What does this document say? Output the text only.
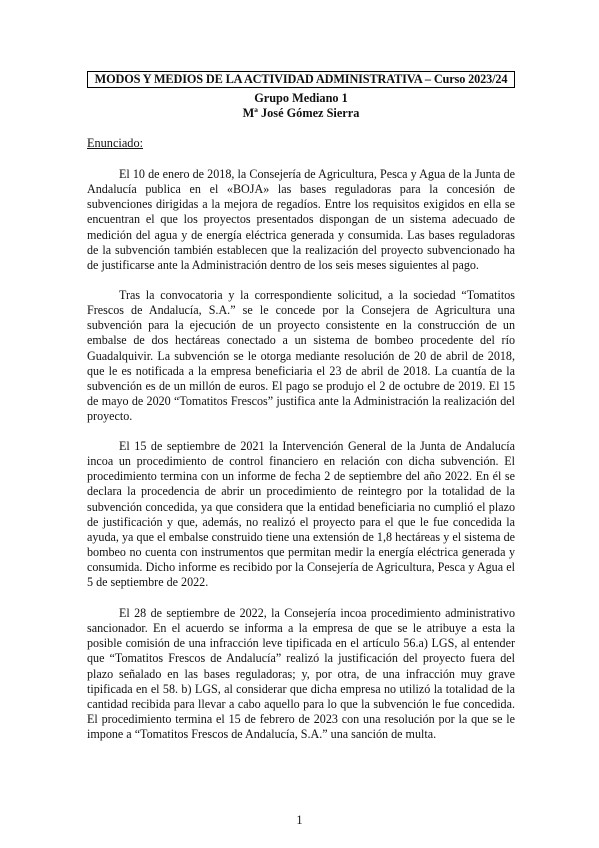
MODOS Y MEDIOS DE LA ACTIVIDAD ADMINISTRATIVA – Curso 2023/24
Grupo Mediano 1
Mª José Gómez Sierra
Enunciado:
El 10 de enero de 2018, la Consejería de Agricultura, Pesca y Agua de la Junta de Andalucía publica en el «BOJA» las bases reguladoras para la concesión de subvenciones dirigidas a la mejora de regadíos. Entre los requisitos exigidos en ella se encuentran el que los proyectos presentados dispongan de un sistema adecuado de medición del agua y de energía eléctrica generada y consumida. Las bases reguladoras de la subvención también establecen que la realización del proyecto subvencionado ha de justificarse ante la Administración dentro de los seis meses siguientes al pago.
Tras la convocatoria y la correspondiente solicitud, a la sociedad “Tomatitos Frescos de Andalucía, S.A.” se le concede por la Consejera de Agricultura una subvención para la ejecución de un proyecto consistente en la construcción de un embalse de dos hectáreas conectado a un sistema de bombeo procedente del río Guadalquivir. La subvención se le otorga mediante resolución de 20 de abril de 2018, que le es notificada a la empresa beneficiaria el 23 de abril de 2018. La cuantía de la subvención es de un millón de euros. El pago se produjo el 2 de octubre de 2019. El 15 de mayo de 2020 “Tomatitos Frescos” justifica ante la Administración la realización del proyecto.
El 15 de septiembre de 2021 la Intervención General de la Junta de Andalucía incoa un procedimiento de control financiero en relación con dicha subvención. El procedimiento termina con un informe de fecha 2 de septiembre del año 2022. En él se declara la procedencia de abrir un procedimiento de reintegro por la totalidad de la subvención concedida, ya que considera que la entidad beneficiaria no cumplió el plazo de justificación y que, además, no realizó el proyecto para el que le fue concedida la ayuda, ya que el embalse construido tiene una extensión de 1,8 hectáreas y el sistema de bombeo no cuenta con instrumentos que permitan medir la energía eléctrica generada y consumida. Dicho informe es recibido por la Consejería de Agricultura, Pesca y Agua el 5 de septiembre de 2022.
El 28 de septiembre de 2022, la Consejería incoa procedimiento administrativo sancionador. En el acuerdo se informa a la empresa de que se le atribuye a esta la posible comisión de una infracción leve tipificada en el artículo 56.a) LGS, al entender que “Tomatitos Frescos de Andalucía” realizó la justificación del proyecto fuera del plazo señalado en las bases reguladoras; y, por otra, de una infracción muy grave tipificada en el 58. b) LGS, al considerar que dicha empresa no utilizó la totalidad de la cantidad recibida para llevar a cabo aquello para lo que la subvención le fue concedida. El procedimiento termina el 15 de febrero de 2023 con una resolución por la que se le impone a “Tomatitos Frescos de Andalucía, S.A.” una sanción de multa.
1
